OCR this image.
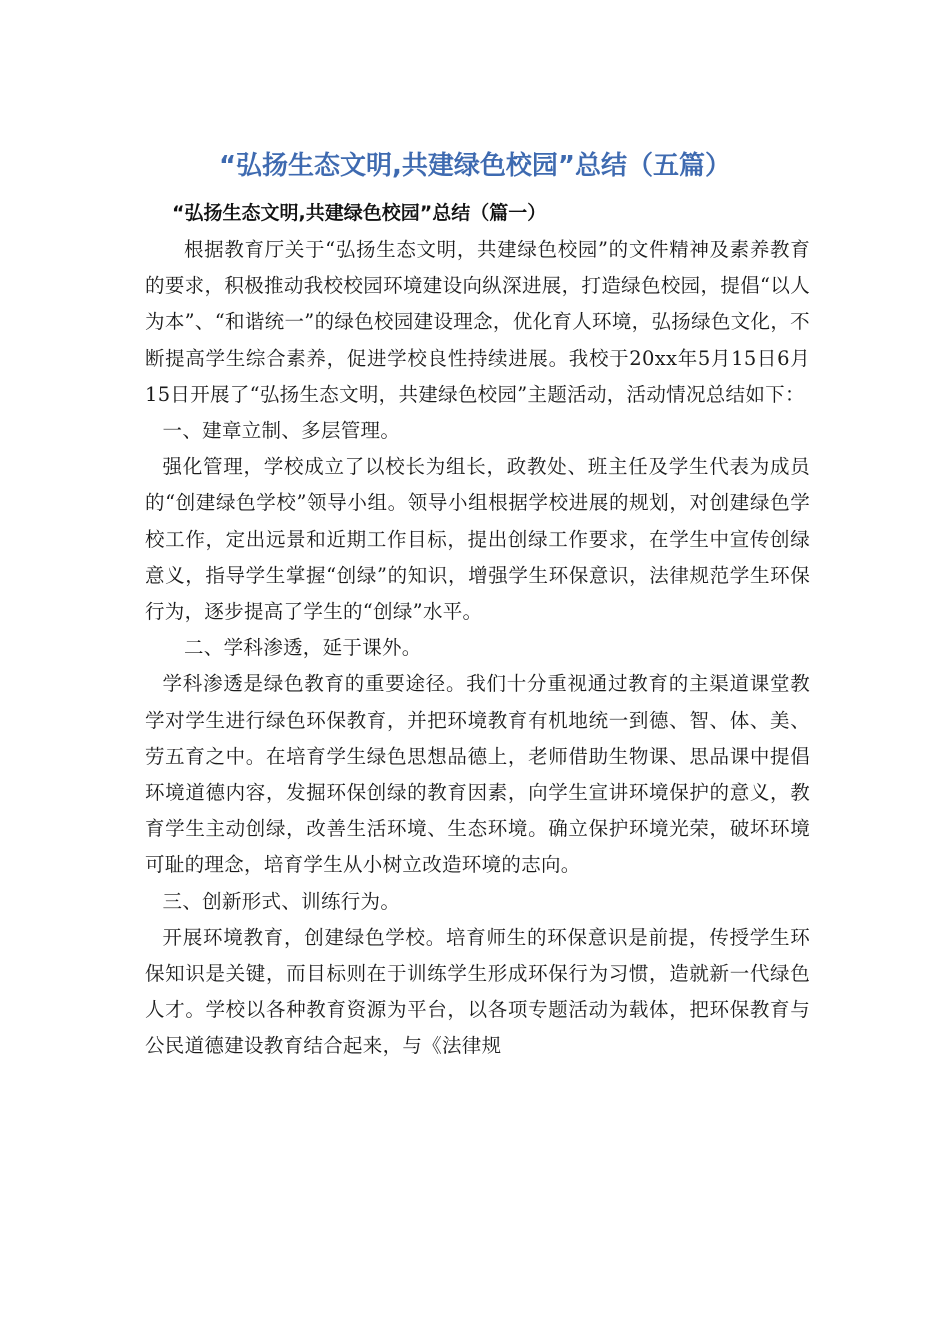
“弘扬生态文明,共建绿色校园”总结（五篇）
“弘扬生态文明,共建绿色校园”总结（篇一）

根据教育厅关于“弘扬生态文明，共建绿色校园”的文件精神及素养教育的要求，积极推动我校校园环境建设向纵深进展，打造绿色校园，提倡“以人为本”、“和谐统一”的绿色校园建设理念，优化育人环境，弘扬绿色文化，不断提高学生综合素养，促进学校良性持续进展。我校于20xx年5月15日6月15日开展了“弘扬生态文明，共建绿色校园”主题活动，活动情况总结如下：

一、建章立制、多层管理。

强化管理，学校成立了以校长为组长，政教处、班主任及学生代表为成员的“创建绿色学校”领导小组。领导小组根据学校进展的规划，对创建绿色学校工作，定出远景和近期工作目标，提出创绿工作要求，在学生中宣传创绿意义，指导学生掌握“创绿”的知识，增强学生环保意识，法律规范学生环保行为，逐步提高了学生的“创绿”水平。

二、学科渗透，延于课外。

学科渗透是绿色教育的重要途径。我们十分重视通过教育的主渠道课堂教学对学生进行绿色环保教育，并把环境教育有机地统一到德、智、体、美、劳五育之中。在培育学生绿色思想品德上，老师借助生物课、思品课中提倡环境道德内容，发掘环保创绿的教育因素，向学生宣讲环境保护的意义，教育学生主动创绿，改善生活环境、生态环境。确立保护环境光荣，破坏环境可耻的理念，培育学生从小树立改造环境的志向。

三、创新形式、训练行为。

开展环境教育，创建绿色学校。培育师生的环保意识是前提，传授学生环保知识是关键，而目标则在于训练学生形成环保行为习惯，造就新一代绿色人才。学校以各种教育资源为平台，以各项专题活动为载体，把环保教育与公民道德建设教育结合起来，与《法律规
